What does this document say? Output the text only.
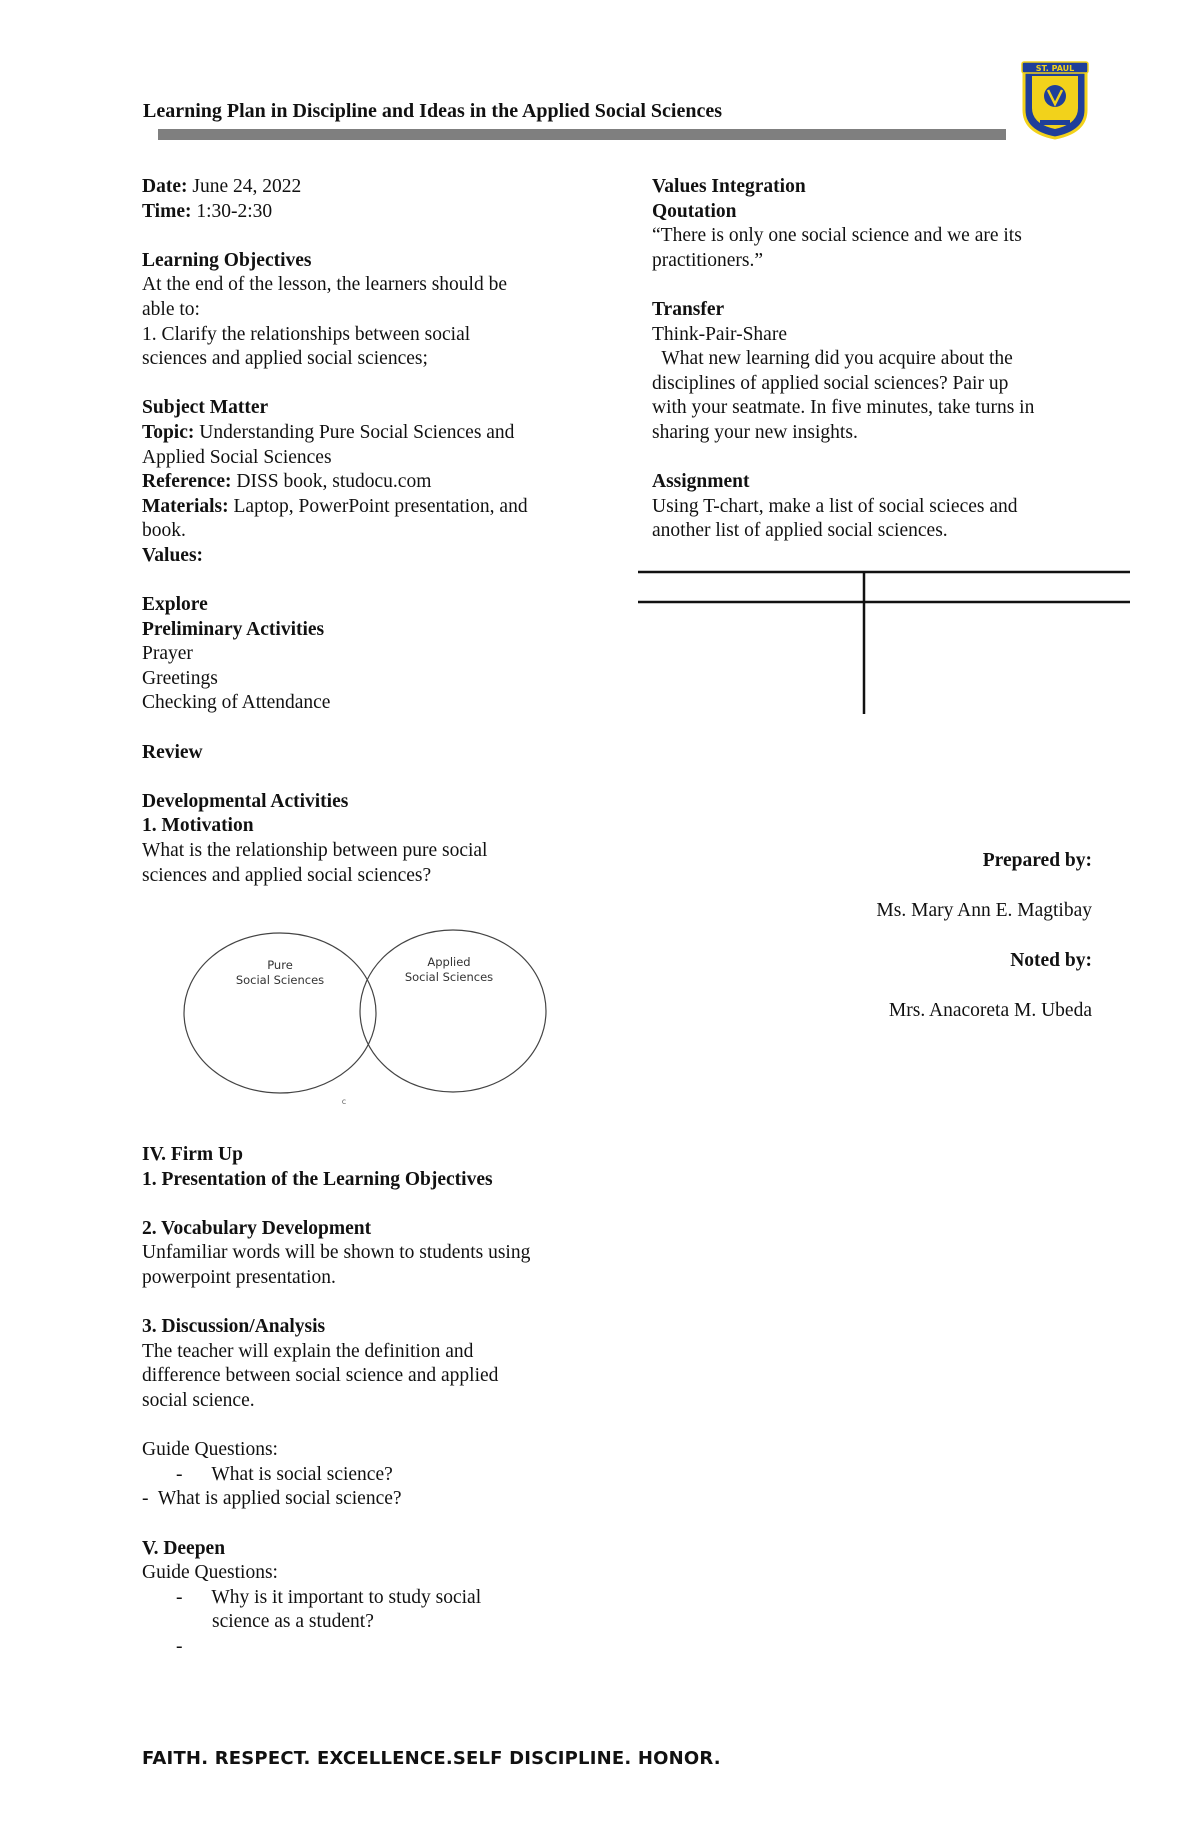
Learning Plan in Discipline and Ideas in the Applied Social Sciences
ST. PAUL
Date: June 24, 2022
Time: 1:30-2:30
Learning Objectives
At the end of the lesson, the learners should be
able to:
1. Clarify the relationships between social
sciences and applied social sciences;
Subject Matter
Topic: Understanding Pure Social Sciences and
Applied Social Sciences
Reference: DISS book, studocu.com
Materials: Laptop, PowerPoint presentation, and
book.
Values:
Explore
Preliminary Activities
Prayer
Greetings
Checking of Attendance
Review
Developmental Activities
1. Motivation
What is the relationship between pure social
sciences and applied social sciences?
Pure
Social Sciences
Applied
Social Sciences
c
IV. Firm Up
1. Presentation of the Learning Objectives
2. Vocabulary Development
Unfamiliar words will be shown to students using
powerpoint presentation.
3. Discussion/Analysis
The teacher will explain the definition and
difference between social science and applied
social science.
Guide Questions:
-      What is social science?
-  What is applied social science?
V. Deepen
Guide Questions:
-      Why is it important to study social
science as a student?
-
Values Integration
Qoutation
“There is only one social science and we are its
practitioners.”
Transfer
Think-Pair-Share
What new learning did you acquire about the
disciplines of applied social sciences? Pair up
with your seatmate. In five minutes, take turns in
sharing your new insights.
Assignment
Using T-chart, make a list of social scieces and
another list of applied social sciences.
Prepared by:
Ms. Mary Ann E. Magtibay
Noted by:
Mrs. Anacoreta M. Ubeda
FAITH. RESPECT. EXCELLENCE.SELF DISCIPLINE. HONOR.
